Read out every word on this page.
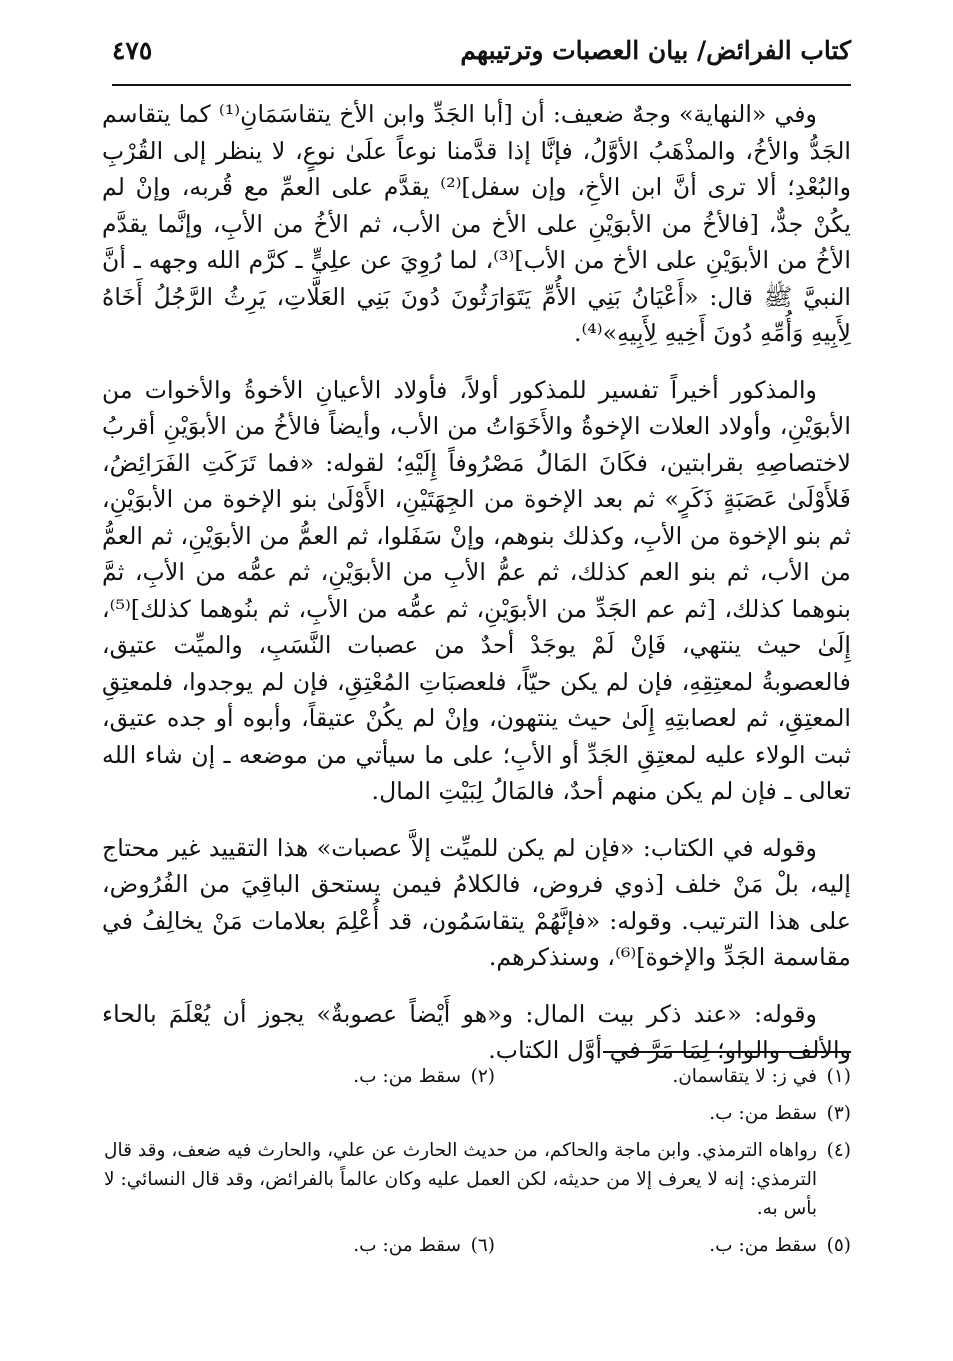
كتاب الفرائض/ بيان العصبات وترتيبهم
٤٧٥

وفي «النهاية» وجهٌ ضعيف: أن [أبا الجَدِّ وابن الأخ يتقاسَمَانِ⁽¹⁾ كما يتقاسم الجَدُّ والأخُ، والمذْهَبُ الأوَّلُ، فإنَّا إذا قدَّمنا نوعاً علَىٰ نوعٍ، لا ينظر إلى القُرْبِ والبُعْدِ؛ ألا ترى أنَّ ابن الأخِ، وإن سفل]⁽²⁾ يقدَّم على العمِّ مع قُربه، وإنْ لم يكُنْ جدٌّ، [فالأخُ من الأبوَيْنِ على الأخ من الأب، ثم الأخُ من الأبِ، وإنَّما يقدَّم الأخُ من الأبوَيْنِ على الأخ من الأب]⁽³⁾، لما رُوِيَ عن علِيٍّ ـ كرَّم الله وجهه ـ أنَّ النبيَّ ﷺ قال: «أَعْيَانُ بَنِي الأُمِّ يَتَوَارَثُونَ دُونَ بَنِي العَلَّاتِ، يَرِثُ الرَّجُلُ أَخَاهُ لِأَبِيهِ وَأُمِّهِ دُونَ أَخِيهِ لِأَبِيهِ»⁽⁴⁾.

والمذكور أخيراً تفسير للمذكور أولاً، فأولاد الأعيانِ الأخوةُ والأخوات من الأبوَيْنِ، وأولاد العلات الإخوةُ والأَخَوَاتُ من الأب، وأيضاً فالأخُ من الأبوَيْنِ أقربُ لاختصاصِهِ بقرابتين، فكَانَ المَالُ مَصْرُوفاً إِلَيْهِ؛ لقوله: «فما تَرَكَتِ الفَرَائِضُ، فَلأَوْلَىٰ عَصَبَةٍ ذَكَرٍ» ثم بعد الإخوة من الجِهَتَيْنِ، الأَوْلَىٰ بنو الإخوة من الأبوَيْنِ، ثم بنو الإخوة من الأبِ، وكذلك بنوهم، وإنْ سَفَلوا، ثم العمُّ من الأبوَيْنِ، ثم العمُّ من الأب، ثم بنو العم كذلك، ثم عمُّ الأبِ من الأبوَيْنِ، ثم عمُّه من الأبِ، ثمَّ بنوهما كذلك، [ثم عم الجَدِّ من الأبوَيْنِ، ثم عمُّه من الأبِ، ثم بنُوهما كذلك]⁽⁵⁾، إِلَىٰ حيث ينتهي، فَإنْ لَمْ يوجَدْ أحدٌ من عصبات النَّسَبِ، والميِّت عتيق، فالعصوبةُ لمعتِقِهِ، فإن لم يكن حيّاً، فلعصبَاتِ المُعْتِقِ، فإن لم يوجدوا، فلمعتِقِ المعتِقِ، ثم لعصابتِهِ إِلَىٰ حيث ينتهون، وإنْ لم يكُنْ عتيقاً، وأبوه أو جده عتيق، ثبت الولاء عليه لمعتِقِ الجَدِّ أو الأبِ؛ على ما سيأتي من موضعه ـ إن شاء الله تعالى ـ فإن لم يكن منهم أحدٌ، فالمَالُ لِبَيْتِ المال.

وقوله في الكتاب: «فإن لم يكن للميِّت إلاَّ عصبات» هذا التقييد غير محتاج إليه، بلْ مَنْ خلف [ذوي فروض، فالكلامُ فيمن يستحق الباقِيَ من الفُرُوض، على هذا الترتيب. وقوله: «فإنَّهُمْ يتقاسَمُون، قد أُعْلِمَ بعلامات مَنْ يخالِفُ في مقاسمة الجَدِّ والإخوة]⁽⁶⁾، وسنذكرهم.

وقوله: «عند ذكر بيت المال: و«هو أَيْضاً عصوبةٌ» يجوز أن يُعْلَمَ بالحاء والألف والواو؛ لِمَا مَرَّ في أوَّل الكتاب.

(١)
في ز: لا يتقاسمان.
(٢)
سقط من: ب.
(٣)
سقط من: ب.
(٤)
رواهاه الترمذي. وابن ماجة والحاكم، من حديث الحارث عن علي، والحارث فيه ضعف، وقد قال الترمذي: إنه لا يعرف إلا من حديثه، لكن العمل عليه وكان عالماً بالفرائض، وقد قال النسائي: لا بأس به.
(٥)
سقط من: ب.
(٦)
سقط من: ب.
